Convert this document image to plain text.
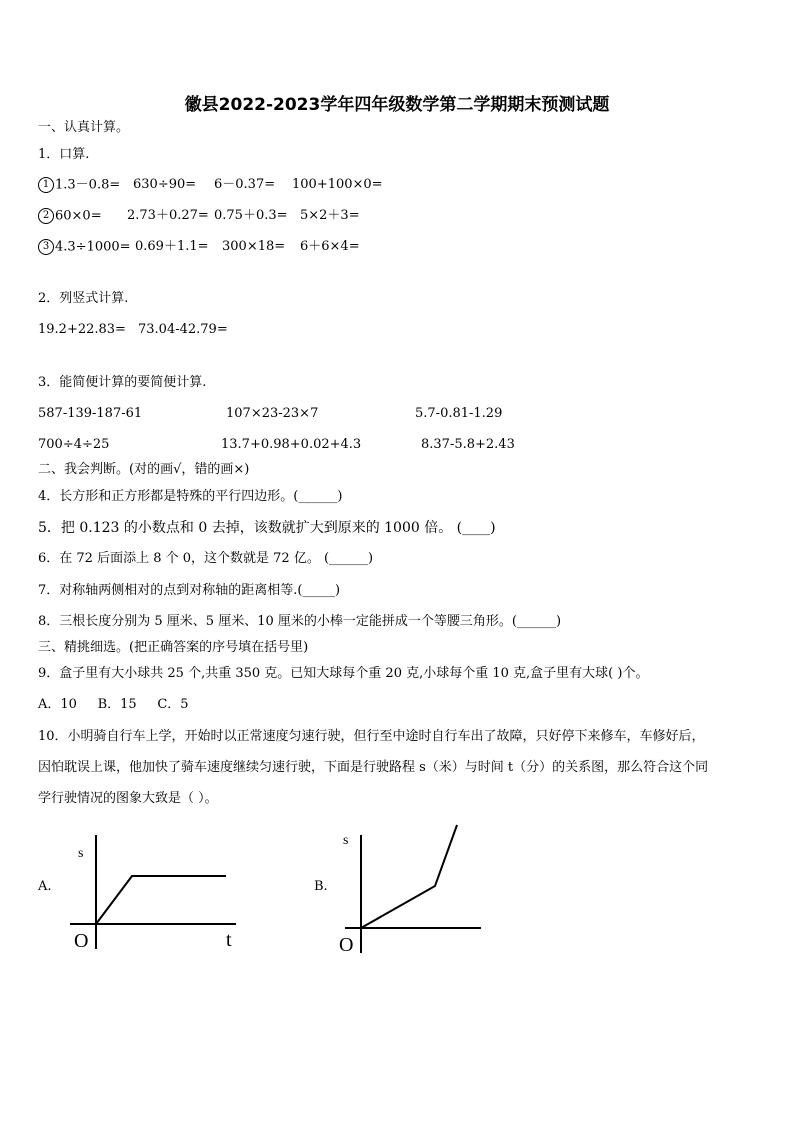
徽县2022-2023学年四年级数学第二学期期末预测试题
一、认真计算。
1．口算.
1 1.3－0.8= 630÷90= 6－0.37= 100+100×0=
2 60×0= 2.73＋0.27= 0.75＋0.3= 5×2＋3=
3 4.3÷1000= 0.69＋1.1= 300×18= 6＋6×4=
2．列竖式计算.
19.2+22.83= 73.04-42.79=
3．能简便计算的要简便计算.
587-139-187-61	107×23-23×7	5.7-0.81-1.29
700÷4÷25	13.7+0.98+0.02+4.3	8.37-5.8+2.43
二、我会判断。(对的画√，错的画×)
4．长方形和正方形都是特殊的平行四边形。(______)
5．把 0.123 的小数点和 0 去掉，该数就扩大到原来的 1000 倍。 (____)
6．在 72 后面添上 8 个 0，这个数就是 72 亿。 (______)
7．对称轴两侧相对的点到对称轴的距离相等.(_____)
8．三根长度分别为 5 厘米、5 厘米、10 厘米的小棒一定能拼成一个等腰三角形。(______)
三、精挑细选。(把正确答案的序号填在括号里)
9．盒子里有大小球共 25 个,共重 350 克。已知大球每个重 20 克,小球每个重 10 克,盒子里有大球( )个。
A．10     B．15     C．5
10．小明骑自行车上学，开始时以正常速度匀速行驶，但行至中途时自行车出了故障，只好停下来修车，车修好后，
因怕耽误上课，他加快了骑车速度继续匀速行驶，下面是行驶路程 s（米）与时间 t（分）的关系图，那么符合这个同
学行驶情况的图象大致是（ ）。
A.
s
t
O
B.
s
O
